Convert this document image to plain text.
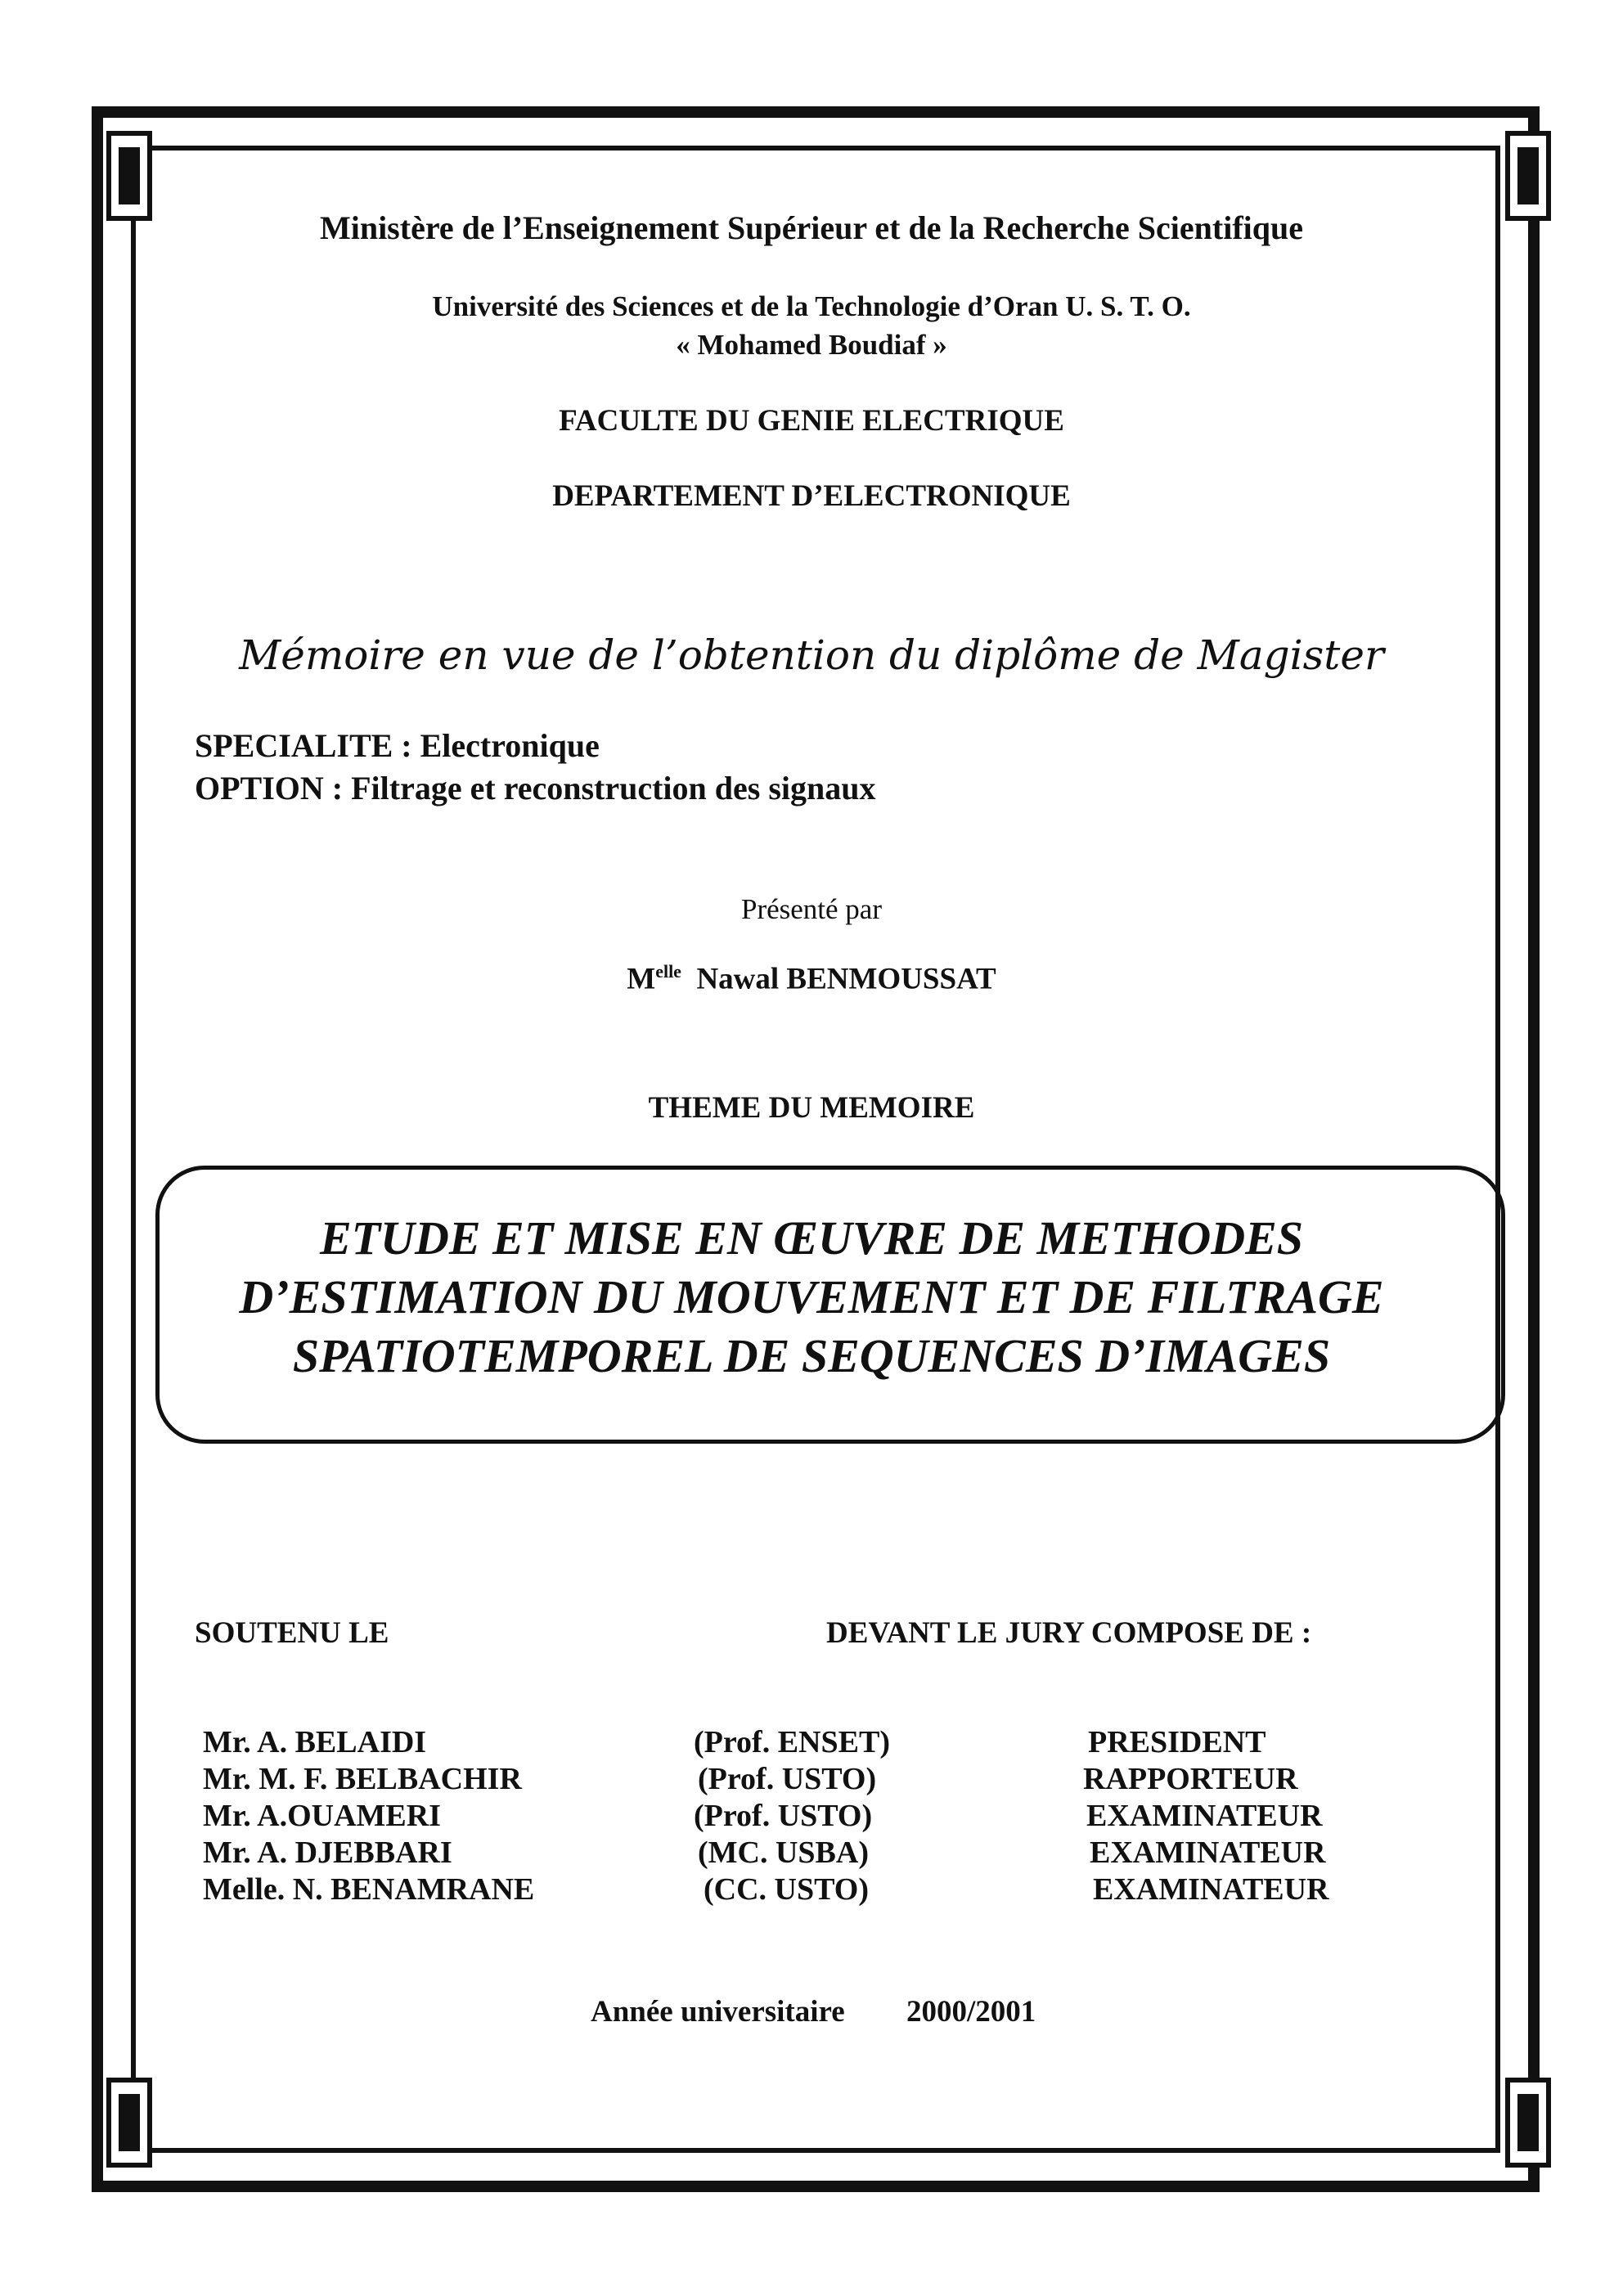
Ministère de l’Enseignement Supérieur et de la Recherche Scientifique
Université des Sciences et de la Technologie d’Oran U. S. T. O.
« Mohamed Boudiaf »
FACULTE DU GENIE ELECTRIQUE
DEPARTEMENT D’ELECTRONIQUE
Mémoire en vue de l’obtention du diplôme de Magister
SPECIALITE : Electronique
OPTION : Filtrage et reconstruction des signaux
Présenté par
$M^{elle}$ Nawal BENMOUSSAT
THEME DU MEMOIRE
ETUDE ET MISE EN ŒUVRE DE METHODES
D’ESTIMATION DU MOUVEMENT ET DE FILTRAGE
SPATIOTEMPOREL DE SEQUENCES D’IMAGES
SOUTENU LE	DEVANT LE JURY COMPOSE DE :
Mr. A. BELAIDI	(Prof. ENSET)	PRESIDENT
Mr. M. F. BELBACHIR	(Prof. USTO)	RAPPORTEUR
Mr. A.OUAMERI	(Prof. USTO)	EXAMINATEUR
Mr. A. DJEBBARI	(MC. USBA)	EXAMINATEUR
Melle. N. BENAMRANE	(CC. USTO)	EXAMINATEUR
Année universitaire 2000/2001
